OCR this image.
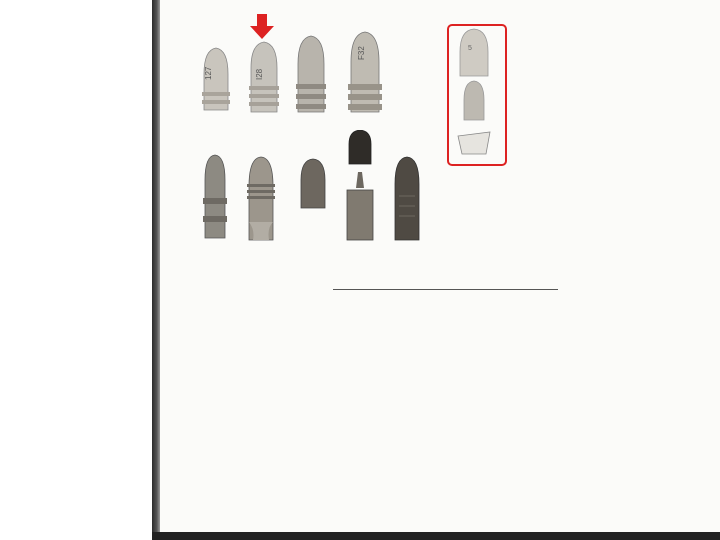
127	I28
F32	5
